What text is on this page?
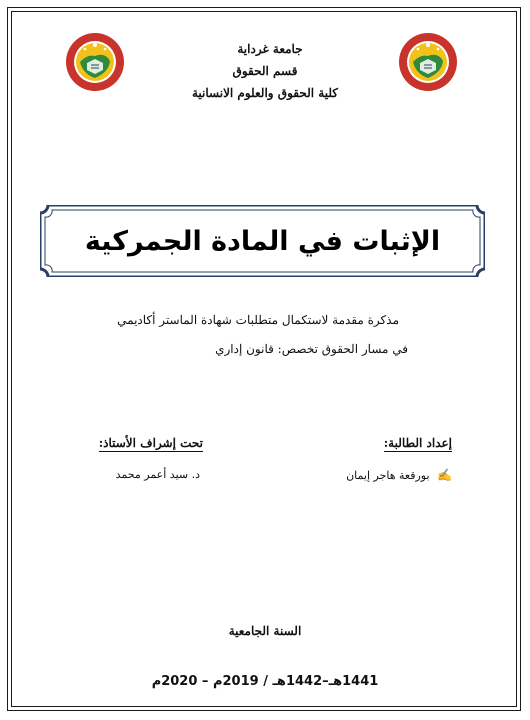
جامعة غرداية
قسم الحقوق
كلية الحقوق والعلوم الانسانية
الإثبات في المادة الجمركية
مذكرة مقدمة لاستكمال متطلبات شهادة الماستر أكاديمي
في مسار الحقوق تخصص: قانون إداري
إعداد الطالبة:
✍ بورقعة هاجر إيمان
تحت إشراف الأستاذ:
د. سيد أعمر محمد
السنة الجامعية
1441هـ–1442هـ / 2019م – 2020م
